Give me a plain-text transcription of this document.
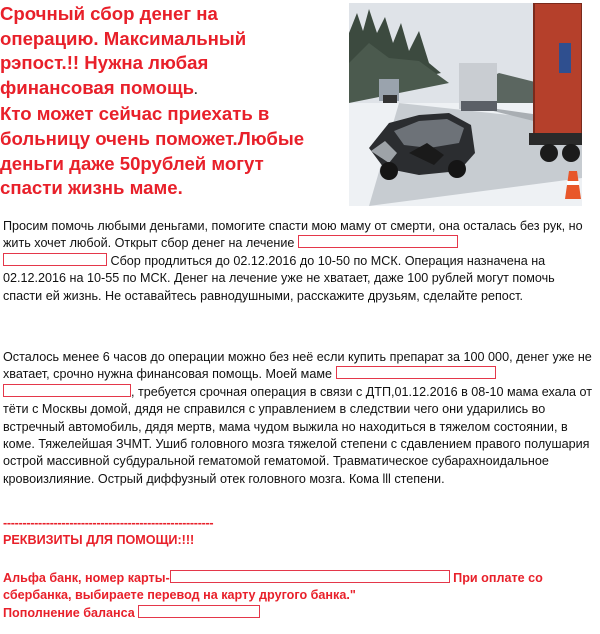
Срочный сбор денег на
операцию. Максимальный
рэпост.!! Нужна любая
финансовая помощь.
Кто может сейчас приехать в
больницу очень поможет.Любые
деньги даже 50рублей могут
спасти жизнь маме.

Просим помочь любыми деньгами, помогите спасти мою маму от смерти, она осталась без рук, но жить хочет любой. Открыт сбор денег на лечение
Сбор продлиться до 02.12.2016 до 10-50 по МСК. Операция назначена на 02.12.2016 на 10-55 по МСК. Денег на лечение уже не хватает, даже 100 рублей могут помочь спасти ей жизнь. Не оставайтесь равнодушными, расскажите друзьям, сделайте репост.

Осталось менее 6 часов до операции можно без неё если купить препарат за 100 000, денег уже не хватает, срочно нужна финансовая помощь. Моей маме
, требуется срочная операция в связи с ДТП,01.12.2016 в 08-10 мама ехала от тёти с Москвы домой, дядя не справился с управлением в следствии чего они ударились во встречный автомобиль, дядя мертв, мама чудом выжила но находиться в тяжелом состоянии, в коме. Тяжелейшая ЗЧМТ. Ушиб головного мозга тяжелой степени с сдавлением правого полушария острой массивной субдуральной гематомой гематомой. Травматическое субарахноидальное кровоизлияние. Острый диффузный отек головного мозга. Кома lll степени.

------------------------------------------------------
РЕКВИЗИТЫ ДЛЯ ПОМОЩИ:!!!

Альфа банк, номер карты-	При оплате со сбербанка, выбираете перевод на карту другого банка."

Пополнение баланса
